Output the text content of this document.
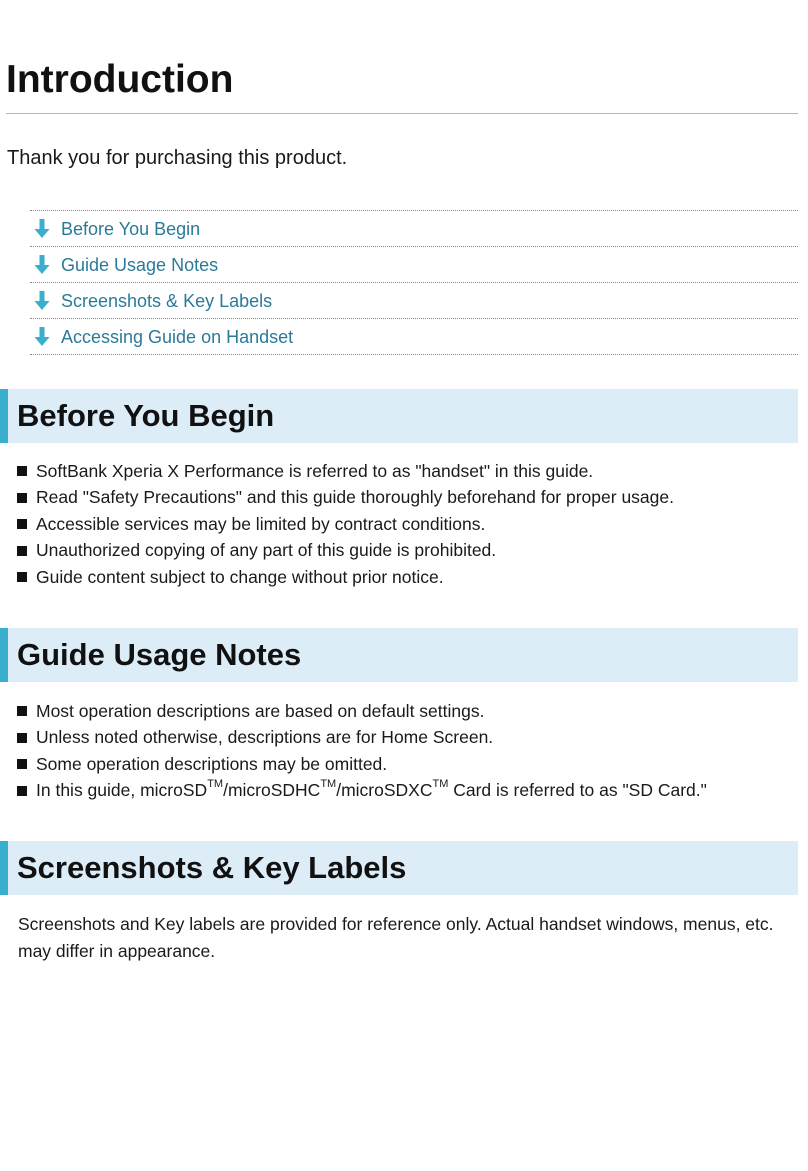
Introduction

Thank you for purchasing this product.

Before You Begin
Guide Usage Notes
Screenshots & Key Labels
Accessing Guide on Handset
Before You Begin
SoftBank Xperia X Performance is referred to as "handset" in this guide.
Read "Safety Precautions" and this guide thoroughly beforehand for proper usage.
Accessible services may be limited by contract conditions.
Unauthorized copying of any part of this guide is prohibited.
Guide content subject to change without prior notice.
Guide Usage Notes
Most operation descriptions are based on default settings.
Unless noted otherwise, descriptions are for Home Screen.
Some operation descriptions may be omitted.
In this guide, microSD™/microSDHC™/microSDXC™ Card is referred to as "SD Card."
Screenshots & Key Labels

Screenshots and Key labels are provided for reference only. Actual handset windows, menus, etc. may differ in appearance.
